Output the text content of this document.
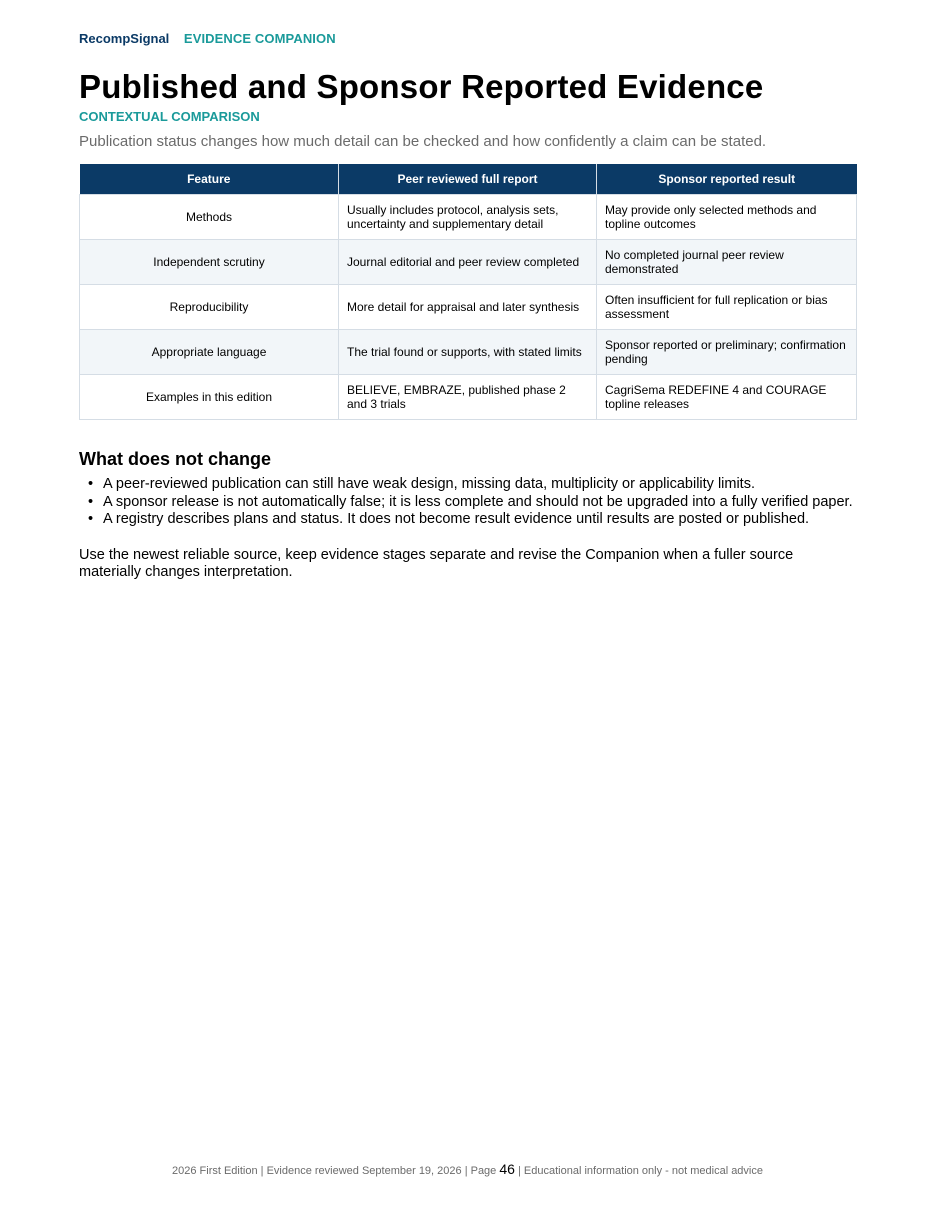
RecompSignal EVIDENCE COMPANION
Published and Sponsor Reported Evidence
CONTEXTUAL COMPARISON
Publication status changes how much detail can be checked and how confidently a claim can be stated.
Feature	Peer reviewed full report	Sponsor reported result
Methods	Usually includes protocol, analysis sets, uncertainty and supplementary detail	May provide only selected methods and topline outcomes
Independent scrutiny	Journal editorial and peer review completed	No completed journal peer review demonstrated
Reproducibility	More detail for appraisal and later synthesis	Often insufficient for full replication or bias assessment
Appropriate language	The trial found or supports, with stated limits	Sponsor reported or preliminary; confirmation pending
Examples in this edition	BELIEVE, EMBRAZE, published phase 2 and 3 trials	CagriSema REDEFINE 4 and COURAGE topline releases
What does not change
• A peer-reviewed publication can still have weak design, missing data, multiplicity or applicability limits.
• A sponsor release is not automatically false; it is less complete and should not be upgraded into a fully verified paper.
• A registry describes plans and status. It does not become result evidence until results are posted or published.

Use the newest reliable source, keep evidence stages separate and revise the Companion when a fuller source materially changes interpretation.

2026 First Edition | Evidence reviewed September 19, 2026 | Page 46 | Educational information only - not medical advice
